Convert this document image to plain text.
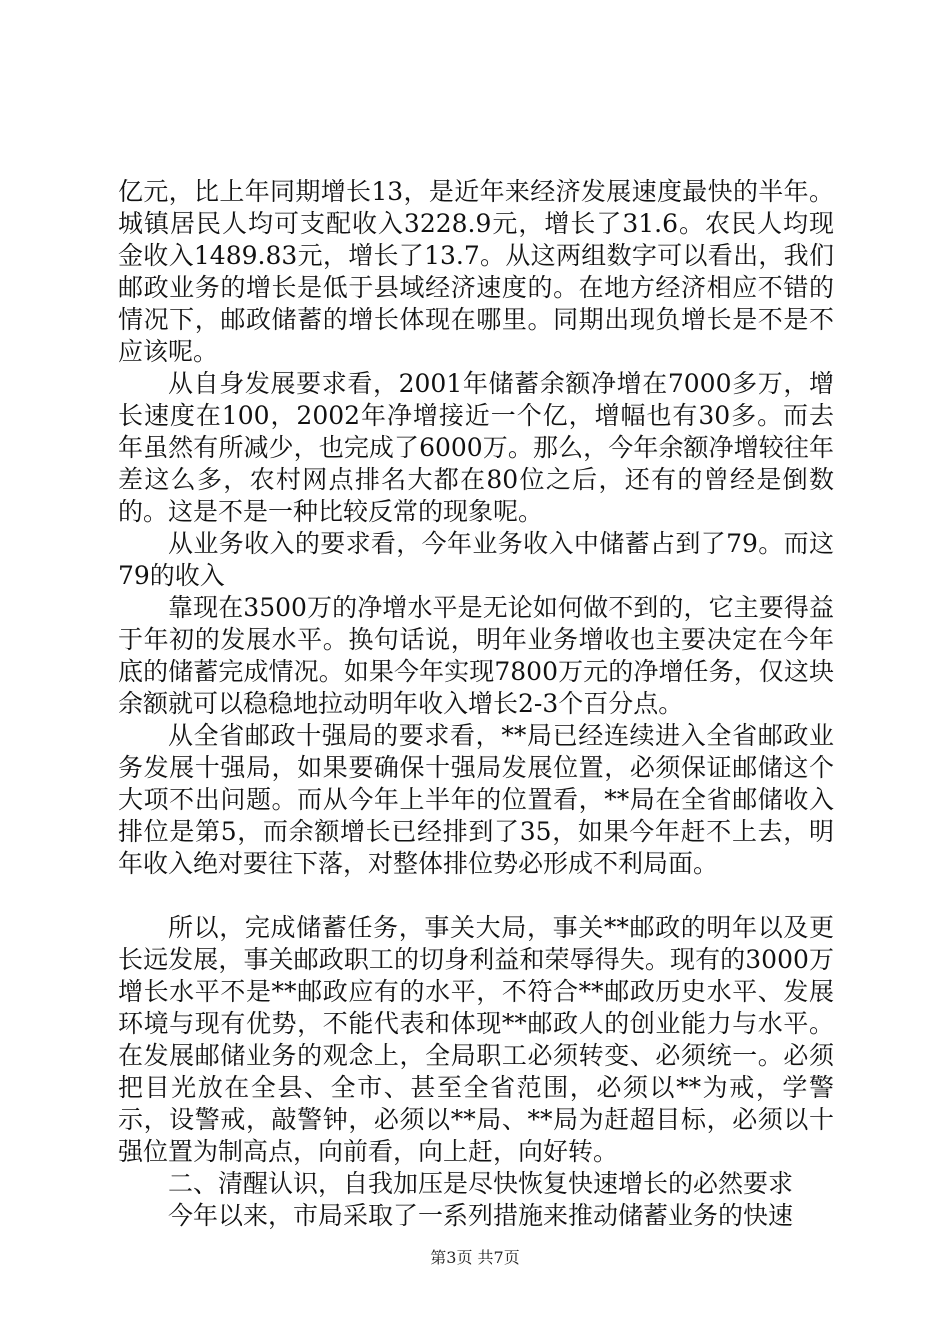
亿元，比上年同期增长13，是近年来经济发展速度最快的半年。城镇居民人均可支配收入3228.9元，增长了31.6。农民人均现金收入1489.83元，增长了13.7。从这两组数字可以看出，我们邮政业务的增长是低于县域经济速度的。在地方经济相应不错的情况下，邮政储蓄的增长体现在哪里。同期出现负增长是不是不应该呢。

从自身发展要求看，2001年储蓄余额净增在7000多万，增长速度在100，2002年净增接近一个亿，增幅也有30多。而去年虽然有所减少，也完成了6000万。那么，今年余额净增较往年差这么多，农村网点排名大都在80位之后，还有的曾经是倒数的。这是不是一种比较反常的现象呢。

从业务收入的要求看，今年业务收入中储蓄占到了79。而这79的收入

靠现在3500万的净增水平是无论如何做不到的，它主要得益于年初的发展水平。换句话说，明年业务增收也主要决定在今年底的储蓄完成情况。如果今年实现7800万元的净增任务，仅这块余额就可以稳稳地拉动明年收入增长2-3个百分点。

从全省邮政十强局的要求看，**局已经连续进入全省邮政业务发展十强局，如果要确保十强局发展位置，必须保证邮储这个大项不出问题。而从今年上半年的位置看，**局在全省邮储收入排位是第5，而余额增长已经排到了35，如果今年赶不上去，明年收入绝对要往下落，对整体排位势必形成不利局面。

所以，完成储蓄任务，事关大局，事关**邮政的明年以及更长远发展，事关邮政职工的切身利益和荣辱得失。现有的3000万增长水平不是**邮政应有的水平，不符合**邮政历史水平、发展环境与现有优势，不能代表和体现**邮政人的创业能力与水平。在发展邮储业务的观念上，全局职工必须转变、必须统一。必须把目光放在全县、全市、甚至全省范围，必须以**为戒，学警示，设警戒，敲警钟，必须以**局、**局为赶超目标，必须以十强位置为制高点，向前看，向上赶，向好转。

二、清醒认识，自我加压是尽快恢复快速增长的必然要求

今年以来，市局采取了一系列措施来推动储蓄业务的快速

第3页 共7页
